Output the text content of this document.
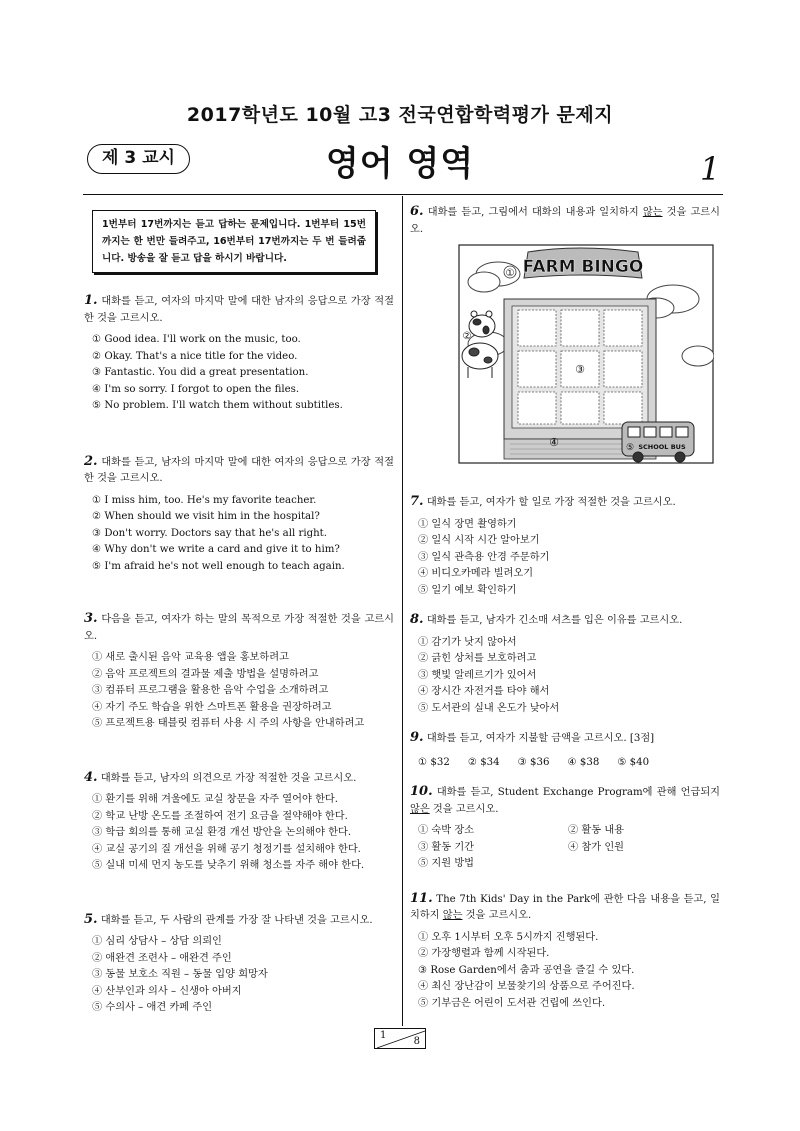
2017학년도 10월 고3 전국연합학력평가 문제지
제 3 교시	영어 영역	1
1번부터 17번까지는 듣고 답하는 문제입니다. 1번부터 15번까지는 한 번만 들려주고, 16번부터 17번까지는 두 번 들려줍니다. 방송을 잘 듣고 답을 하시기 바랍니다.
1. 대화를 듣고, 여자의 마지막 말에 대한 남자의 응답으로 가장 적절한 것을 고르시오.
① Good idea. I'll work on the music, too.
② Okay. That's a nice title for the video.
③ Fantastic. You did a great presentation.
④ I'm so sorry. I forgot to open the files.
⑤ No problem. I'll watch them without subtitles.
2. 대화를 듣고, 남자의 마지막 말에 대한 여자의 응답으로 가장 적절한 것을 고르시오.
① I miss him, too. He's my favorite teacher.
② When should we visit him in the hospital?
③ Don't worry. Doctors say that he's all right.
④ Why don't we write a card and give it to him?
⑤ I'm afraid he's not well enough to teach again.
3. 다음을 듣고, 여자가 하는 말의 목적으로 가장 적절한 것을 고르시오.
① 새로 출시된 음악 교육용 앱을 홍보하려고
② 음악 프로젝트의 결과물 제출 방법을 설명하려고
③ 컴퓨터 프로그램을 활용한 음악 수업을 소개하려고
④ 자기 주도 학습을 위한 스마트폰 활용을 권장하려고
⑤ 프로젝트용 태블릿 컴퓨터 사용 시 주의 사항을 안내하려고
4. 대화를 듣고, 남자의 의견으로 가장 적절한 것을 고르시오.
① 환기를 위해 겨울에도 교실 창문을 자주 열어야 한다.
② 학교 난방 온도를 조절하여 전기 요금을 절약해야 한다.
③ 학급 회의를 통해 교실 환경 개선 방안을 논의해야 한다.
④ 교실 공기의 질 개선을 위해 공기 청정기를 설치해야 한다.
⑤ 실내 미세 먼지 농도를 낮추기 위해 청소를 자주 해야 한다.
5. 대화를 듣고, 두 사람의 관계를 가장 잘 나타낸 것을 고르시오.
① 심리 상담사 – 상담 의뢰인
② 애완견 조련사 – 애완견 주인
③ 동물 보호소 직원 – 동물 입양 희망자
④ 산부인과 의사 – 신생아 아버지
⑤ 수의사 – 애견 카페 주인
6. 대화를 듣고, 그림에서 대화의 내용과 일치하지 않는 것을 고르시오.
FARM BINGO
①
③
④
②
SCHOOL BUS
⑤
7. 대화를 듣고, 여자가 할 일로 가장 적절한 것을 고르시오.
① 일식 장면 촬영하기
② 일식 시작 시간 알아보기
③ 일식 관측용 안경 주문하기
④ 비디오카메라 빌려오기
⑤ 일기 예보 확인하기
8. 대화를 듣고, 남자가 긴소매 셔츠를 입은 이유를 고르시오.
① 감기가 낫지 않아서
② 긁힌 상처를 보호하려고
③ 햇빛 알레르기가 있어서
④ 장시간 자전거를 타야 해서
⑤ 도서관의 실내 온도가 낮아서
9. 대화를 듣고, 여자가 지불할 금액을 고르시오. [3점]
① $32 ② $34 ③ $36 ④ $38 ⑤ $40
10. 대화를 듣고, Student Exchange Program에 관해 언급되지 않은 것을 고르시오.
① 숙박 장소	② 활동 내용
③ 활동 기간	④ 참가 인원
⑤ 지원 방법
11. The 7th Kids' Day in the Park에 관한 다음 내용을 듣고, 일치하지 않는 것을 고르시오.
① 오후 1시부터 오후 5시까지 진행된다.
② 가장행렬과 함께 시작된다.
③ Rose Garden에서 춤과 공연을 즐길 수 있다.
④ 최신 장난감이 보물찾기의 상품으로 주어진다.
⑤ 기부금은 어린이 도서관 건립에 쓰인다.
1
8
